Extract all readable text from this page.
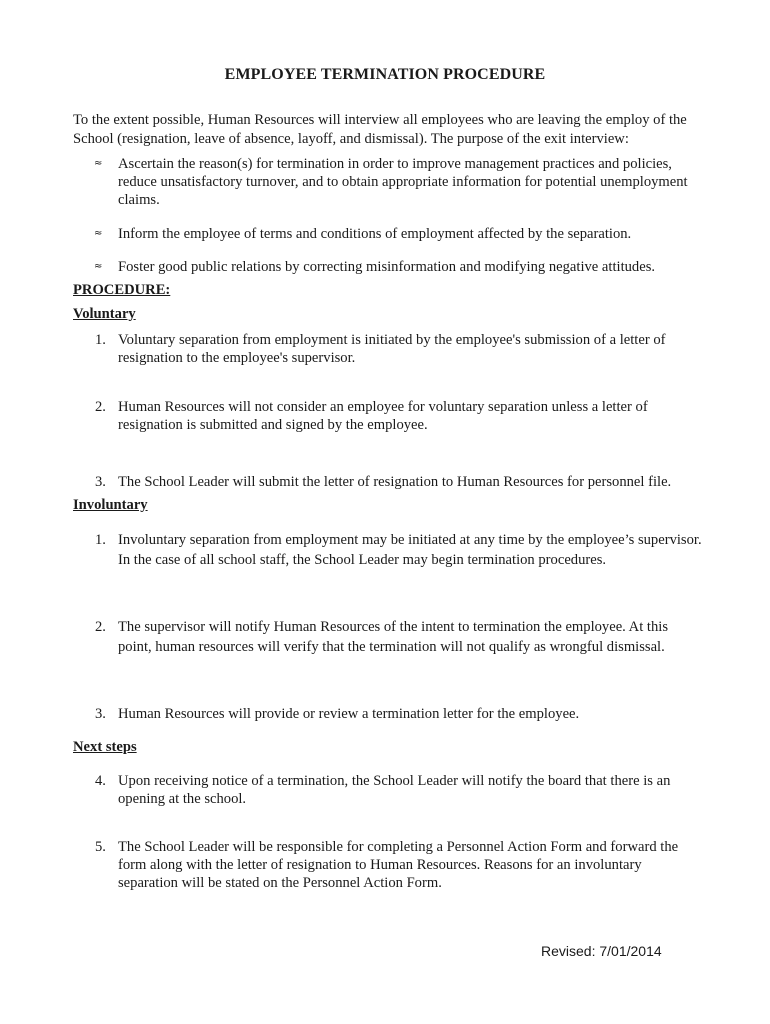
EMPLOYEE TERMINATION PROCEDURE
To the extent possible, Human Resources will interview all employees who are leaving the employ of the School (resignation, leave of absence, layoff, and dismissal). The purpose of the exit interview:
≈ Ascertain the reason(s) for termination in order to improve management practices and policies, reduce unsatisfactory turnover, and to obtain appropriate information for potential unemployment claims.
≈ Inform the employee of terms and conditions of employment affected by the separation.
≈ Foster good public relations by correcting misinformation and modifying negative attitudes.
PROCEDURE:
Voluntary
1. Voluntary separation from employment is initiated by the employee's submission of a letter of resignation to the employee's supervisor.
2. Human Resources will not consider an employee for voluntary separation unless a letter of resignation is submitted and signed by the employee.
3. The School Leader will submit the letter of resignation to Human Resources for personnel file.
Involuntary
1. Involuntary separation from employment may be initiated at any time by the employee’s supervisor. In the case of all school staff, the School Leader may begin termination procedures.
2. The supervisor will notify Human Resources of the intent to termination the employee. At this point, human resources will verify that the termination will not qualify as wrongful dismissal.
3. Human Resources will provide or review a termination letter for the employee.
Next steps
4. Upon receiving notice of a termination, the School Leader will notify the board that there is an opening at the school.
5. The School Leader will be responsible for completing a Personnel Action Form and forward the form along with the letter of resignation to Human Resources. Reasons for an involuntary separation will be stated on the Personnel Action Form.
Revised: 7/01/2014
